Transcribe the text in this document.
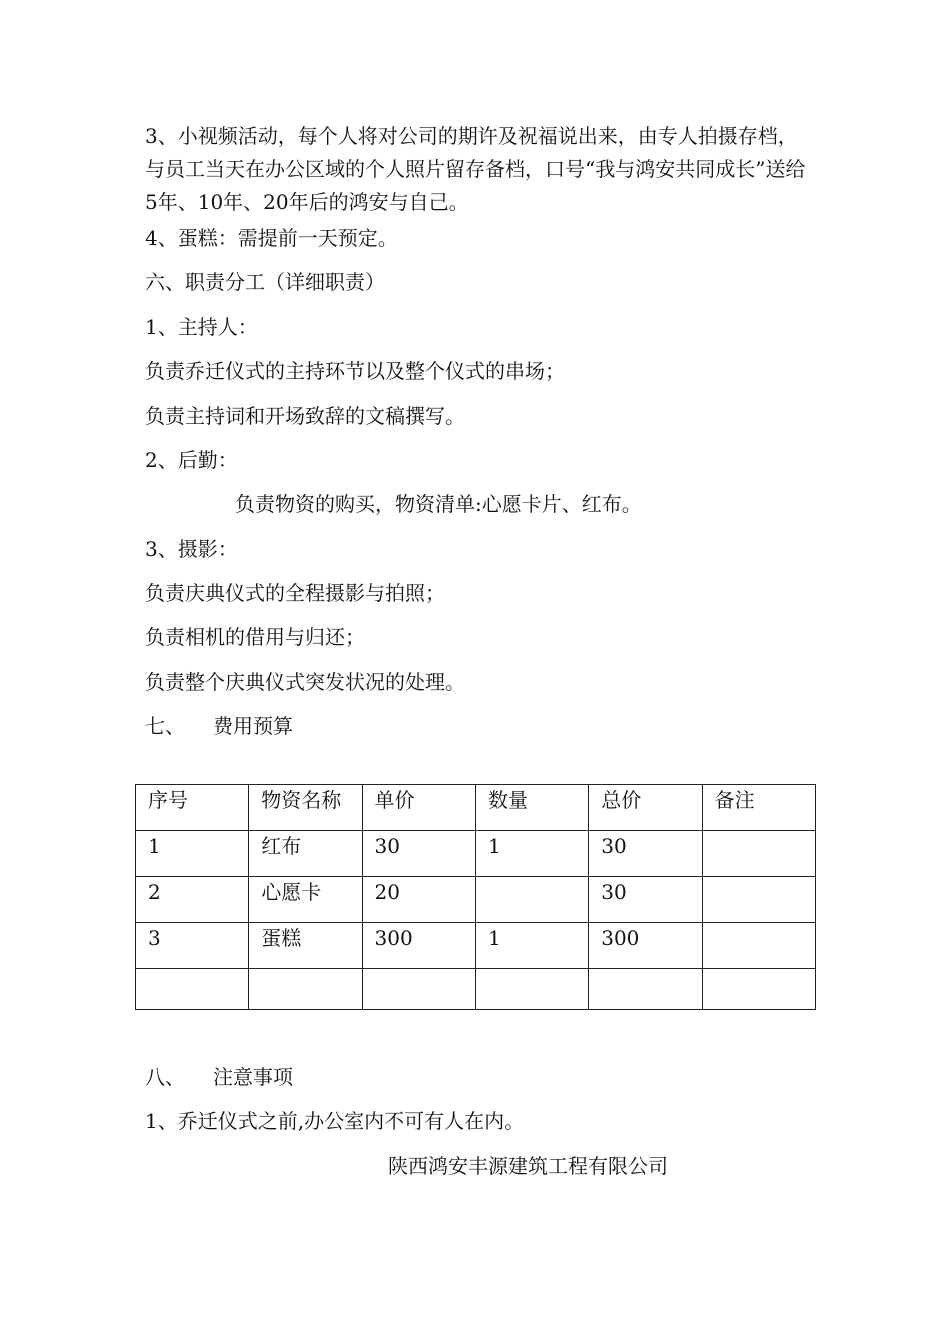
3、小视频活动，每个人将对公司的期许及祝福说出来，由专人拍摄存档，与员工当天在办公区域的个人照片留存备档，口号“我与鸿安共同成长”送给5年、10年、20年后的鸿安与自己。
4、蛋糕：需提前一天预定。
六、职责分工（详细职责）
1、主持人：
负责乔迁仪式的主持环节以及整个仪式的串场；
负责主持词和开场致辞的文稿撰写。
2、后勤：
负责物资的购买，物资清单:心愿卡片、红布。
3、摄影：
负责庆典仪式的全程摄影与拍照；
负责相机的借用与归还；
负责整个庆典仪式突发状况的处理。
七、 费用预算
序号	物资名称	单价	数量	总价	备注
1	红布	30	1	30	
2	心愿卡	20		30	
3	蛋糕	300	1	300	

八、 注意事项
1、乔迁仪式之前,办公室内不可有人在内。
陕西鸿安丰源建筑工程有限公司
